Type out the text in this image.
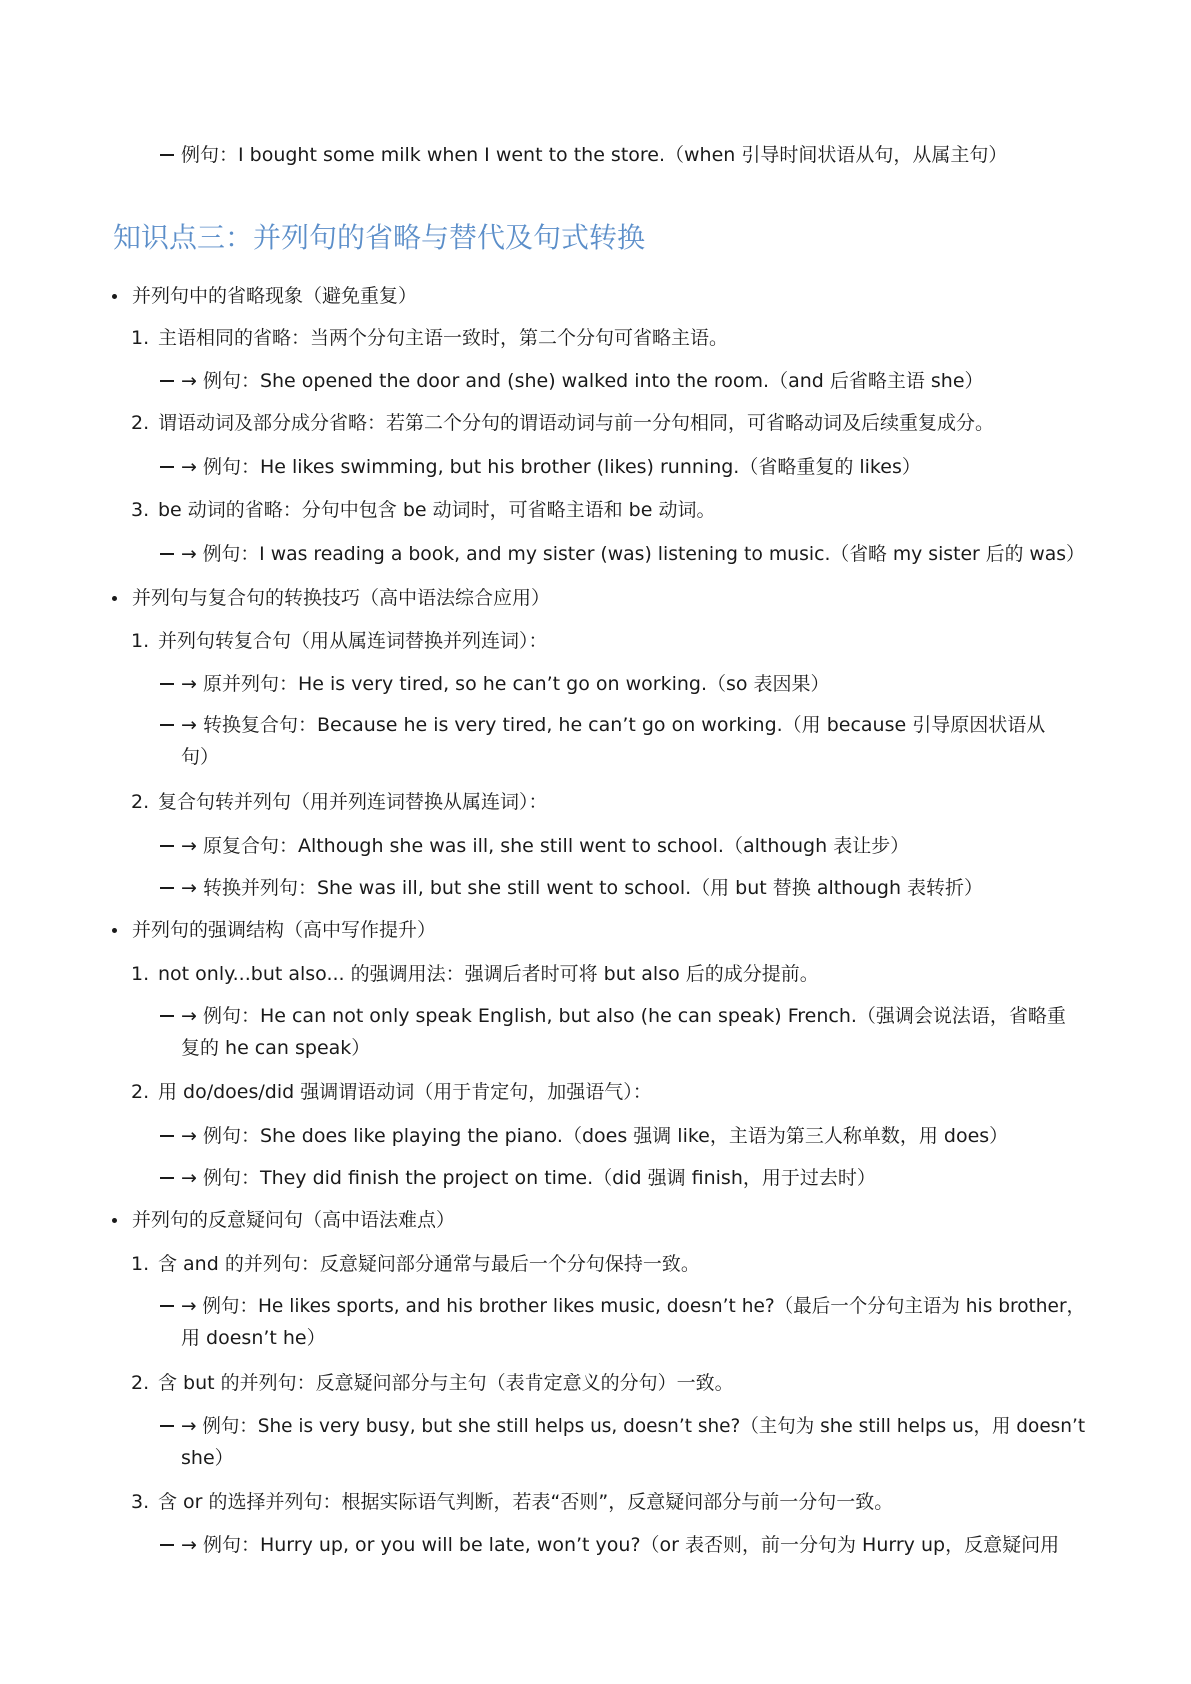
例句：I bought some milk when I went to the store.（when 引导时间状语从句，从属主句）
知识点三：并列句的省略与替代及句式转换
并列句中的省略现象（避免重复）
1. 主语相同的省略：当两个分句主语一致时，第二个分句可省略主语。
→ 例句：She opened the door and (she) walked into the room.（and 后省略主语 she）
2. 谓语动词及部分成分省略：若第二个分句的谓语动词与前一分句相同，可省略动词及后续重复成分。
→ 例句：He likes swimming, but his brother (likes) running.（省略重复的 likes）
3. be 动词的省略：分句中包含 be 动词时，可省略主语和 be 动词。
→ 例句：I was reading a book, and my sister (was) listening to music.（省略 my sister 后的 was）
并列句与复合句的转换技巧（高中语法综合应用）
1. 并列句转复合句（用从属连词替换并列连词）：
→ 原并列句：He is very tired, so he can’t go on working.（so 表因果）
→ 转换复合句：Because he is very tired, he can’t go on working.（用 because 引导原因状语从
句）
2. 复合句转并列句（用并列连词替换从属连词）：
→ 原复合句：Although she was ill, she still went to school.（although 表让步）
→ 转换并列句：She was ill, but she still went to school.（用 but 替换 although 表转折）
并列句的强调结构（高中写作提升）
1. not only...but also... 的强调用法：强调后者时可将 but also 后的成分提前。
→ 例句：He can not only speak English, but also (he can speak) French.（强调会说法语，省略重
复的 he can speak）
2. 用 do/does/did 强调谓语动词（用于肯定句，加强语气）：
→ 例句：She does like playing the piano.（does 强调 like，主语为第三人称单数，用 does）
→ 例句：They did finish the project on time.（did 强调 finish，用于过去时）
并列句的反意疑问句（高中语法难点）
1. 含 and 的并列句：反意疑问部分通常与最后一个分句保持一致。
→ 例句：He likes sports, and his brother likes music, doesn’t he?（最后一个分句主语为 his brother，
用 doesn’t he）
2. 含 but 的并列句：反意疑问部分与主句（表肯定意义的分句）一致。
→ 例句：She is very busy, but she still helps us, doesn’t she?（主句为 she still helps us，用 doesn’t
she）
3. 含 or 的选择并列句：根据实际语气判断，若表“否则”，反意疑问部分与前一分句一致。
→ 例句：Hurry up, or you will be late, won’t you?（or 表否则，前一分句为 Hurry up，反意疑问用
